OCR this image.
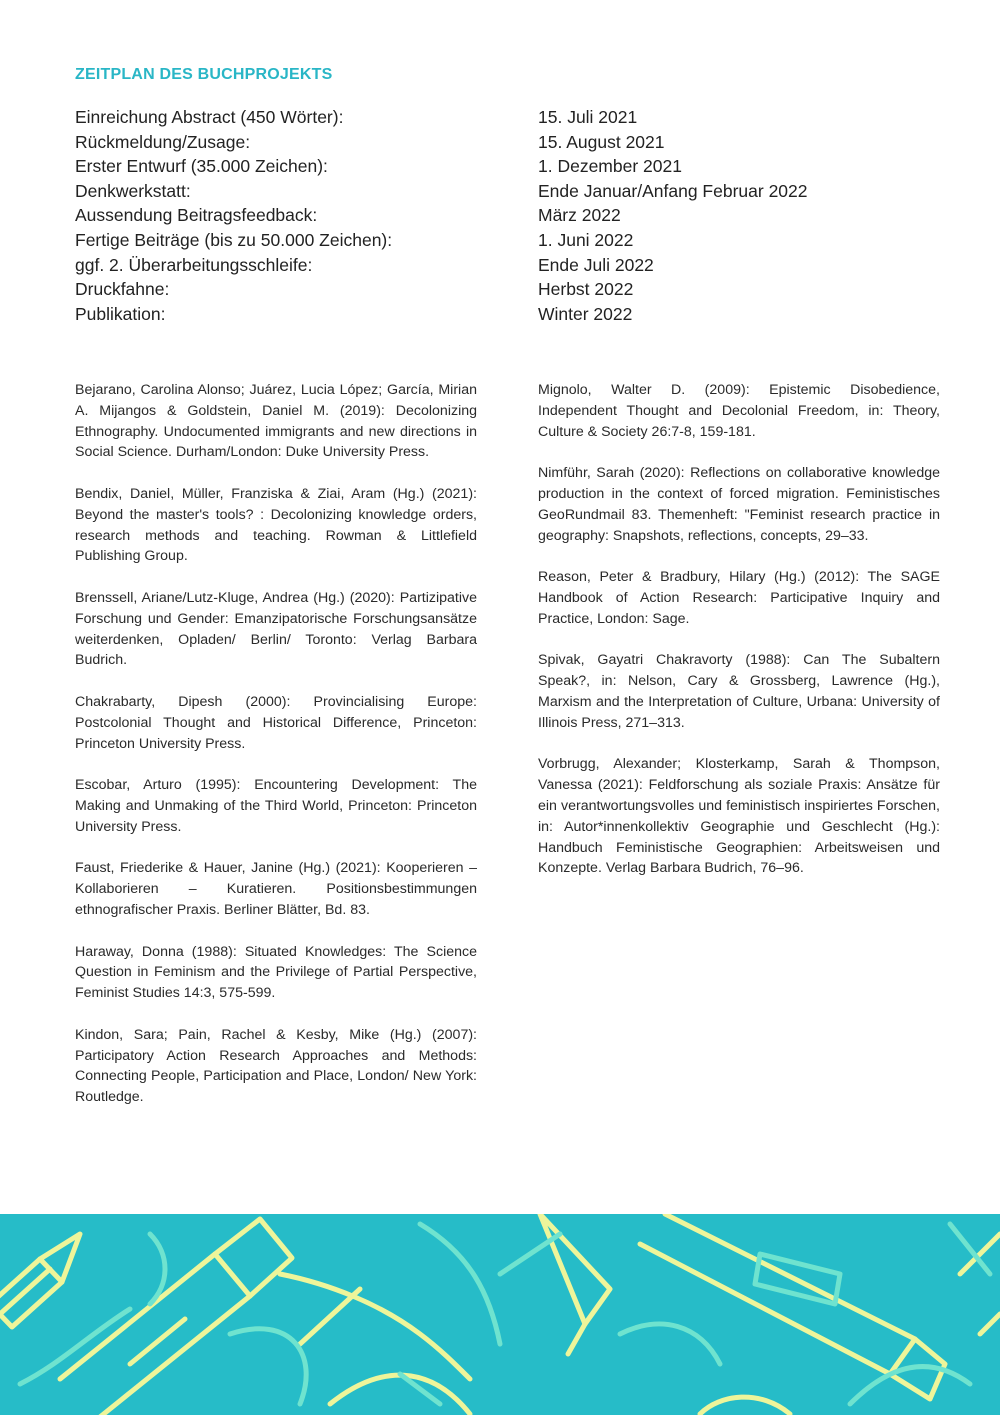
ZEITPLAN DES BUCHPROJEKTS
Einreichung Abstract (450 Wörter):
Rückmeldung/Zusage:
Erster Entwurf (35.000 Zeichen):
Denkwerkstatt:
Aussendung Beitragsfeedback:
Fertige Beiträge (bis zu 50.000 Zeichen):
ggf. 2. Überarbeitungsschleife:
Druckfahne:
Publikation:
15. Juli 2021
15. August 2021
1. Dezember 2021
Ende Januar/Anfang Februar 2022
März 2022
1. Juni 2022
Ende Juli 2022
Herbst 2022
Winter 2022

Bejarano, Carolina Alonso; Juárez, Lucia López; García, Mirian A. Mijangos & Goldstein, Daniel M. (2019): Decolonizing Ethnography. Undocumented immigrants and new directions in Social Science. Durham/London: Duke University Press.

Bendix, Daniel, Müller, Franziska & Ziai, Aram (Hg.) (2021): Beyond the master's tools? : Decolonizing knowledge orders, research methods and teaching. Rowman & Littlefield Publishing Group.

Brenssell, Ariane/Lutz-Kluge, Andrea (Hg.) (2020): Partizipative Forschung und Gender: Emanzipatorische Forschungsansätze weiterdenken, Opladen/ Berlin/ Toronto: Verlag Barbara Budrich.

Chakrabarty, Dipesh (2000): Provincialising Europe: Postcolonial Thought and Historical Difference, Princeton: Princeton University Press.

Escobar, Arturo (1995): Encountering Development: The Making and Unmaking of the Third World, Princeton: Princeton University Press.

Faust, Friederike & Hauer, Janine (Hg.) (2021): Kooperieren – Kollaborieren – Kuratieren. Positionsbestimmungen ethnografischer Praxis. Berliner Blätter, Bd. 83.

Haraway, Donna (1988): Situated Knowledges: The Science Question in Feminism and the Privilege of Partial Perspective, Feminist Studies 14:3, 575-599.

Kindon, Sara; Pain, Rachel & Kesby, Mike (Hg.) (2007): Participatory Action Research Approaches and Methods: Connecting People, Participation and Place, London/ New York: Routledge.

Mignolo, Walter D. (2009): Epistemic Disobedience, Independent Thought and Decolonial Freedom, in: Theory, Culture & Society 26:7-8, 159-181.

Nimführ, Sarah (2020): Reflections on collaborative knowledge production in the context of forced migration. Feministisches GeoRundmail 83. Themenheft: "Feminist research practice in geography: Snapshots, reflections, concepts, 29–33.

Reason, Peter & Bradbury, Hilary (Hg.) (2012): The SAGE Handbook of Action Research: Participative Inquiry and Practice, London: Sage.

Spivak, Gayatri Chakravorty (1988): Can The Subaltern Speak?, in: Nelson, Cary & Grossberg, Lawrence (Hg.), Marxism and the Interpretation of Culture, Urbana: University of Illinois Press, 271–313.

Vorbrugg, Alexander; Klosterkamp, Sarah & Thompson, Vanessa (2021): Feldforschung als soziale Praxis: Ansätze für ein verantwortungsvolles und feministisch inspiriertes Forschen, in: Autor*innenkollektiv Geographie und Geschlecht (Hg.): Handbuch Feministische Geographien: Arbeitsweisen und Konzepte. Verlag Barbara Budrich, 76–96.
